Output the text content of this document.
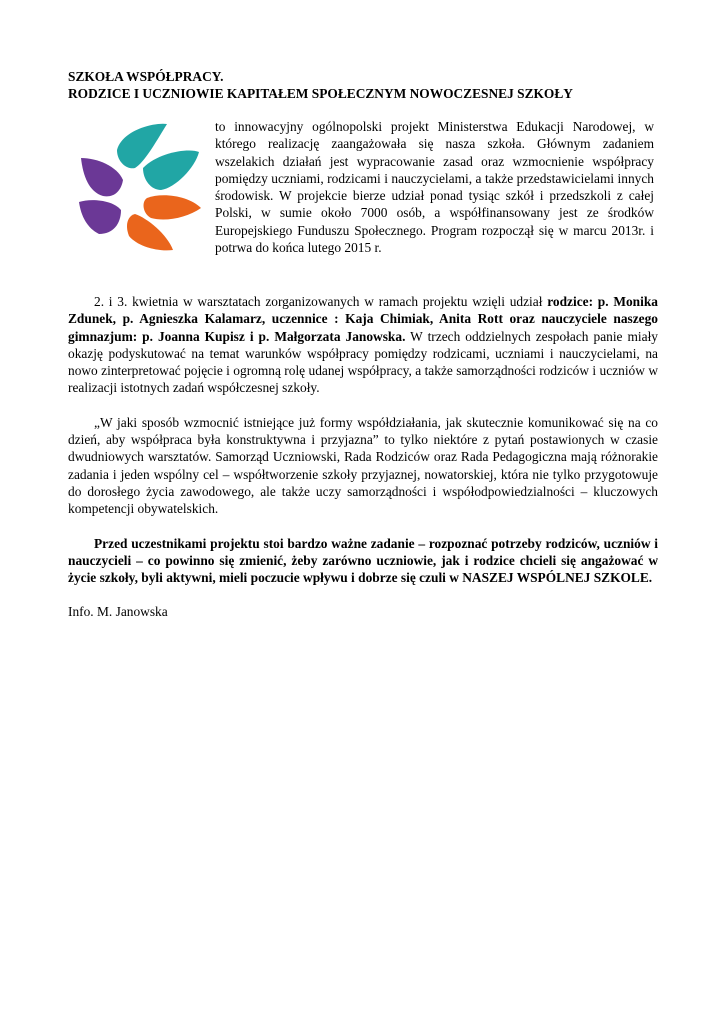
SZKOŁA WSPÓŁPRACY.

RODZICE I UCZNIOWIE KAPITAŁEM SPOŁECZNYM NOWOCZESNEJ SZKOŁY

to innowacyjny ogólnopolski projekt Ministerstwa Edukacji Narodowej, w którego realizację zaangażowała się nasza szkoła. Głównym zadaniem wszelakich działań jest wypracowanie zasad oraz wzmocnienie współpracy pomiędzy uczniami, rodzicami i nauczycielami, a także przedstawicielami innych środowisk. W projekcie bierze udział ponad tysiąc szkół i przedszkoli z całej Polski, w sumie około 7000 osób, a współfinansowany jest ze środków Europejskiego Funduszu Społecznego. Program rozpoczął się w marcu 2013r. i potrwa do końca lutego 2015 r.

2. i 3. kwietnia w warsztatach zorganizowanych w ramach projektu wzięli udział rodzice: p. Monika Zdunek, p. Agnieszka Kalamarz, uczennice : Kaja Chimiak, Anita Rott oraz nauczyciele naszego gimnazjum: p. Joanna Kupisz i p. Małgorzata Janowska. W trzech oddzielnych zespołach panie miały okazję podyskutować na temat warunków współpracy pomiędzy rodzicami, uczniami i nauczycielami, na nowo zinterpretować pojęcie i ogromną rolę udanej współpracy, a także samorządności rodziców i uczniów w realizacji istotnych zadań współczesnej szkoły.

„W jaki sposób wzmocnić istniejące już formy współdziałania, jak skutecznie komunikować się na co dzień, aby współpraca była konstruktywna i przyjazna” to tylko niektóre z pytań postawionych w czasie dwudniowych warsztatów. Samorząd Uczniowski, Rada Rodziców oraz Rada Pedagogiczna mają różnorakie zadania i jeden wspólny cel – współtworzenie szkoły przyjaznej, nowatorskiej, która nie tylko przygotowuje do dorosłego życia zawodowego, ale także uczy samorządności i współodpowiedzialności – kluczowych kompetencji obywatelskich.

Przed uczestnikami projektu stoi bardzo ważne zadanie – rozpoznać potrzeby rodziców, uczniów i nauczycieli – co powinno się zmienić, żeby zarówno uczniowie, jak i rodzice chcieli się angażować w życie szkoły, byli aktywni, mieli poczucie wpływu i dobrze się czuli w NASZEJ WSPÓLNEJ SZKOLE.

Info. M. Janowska
